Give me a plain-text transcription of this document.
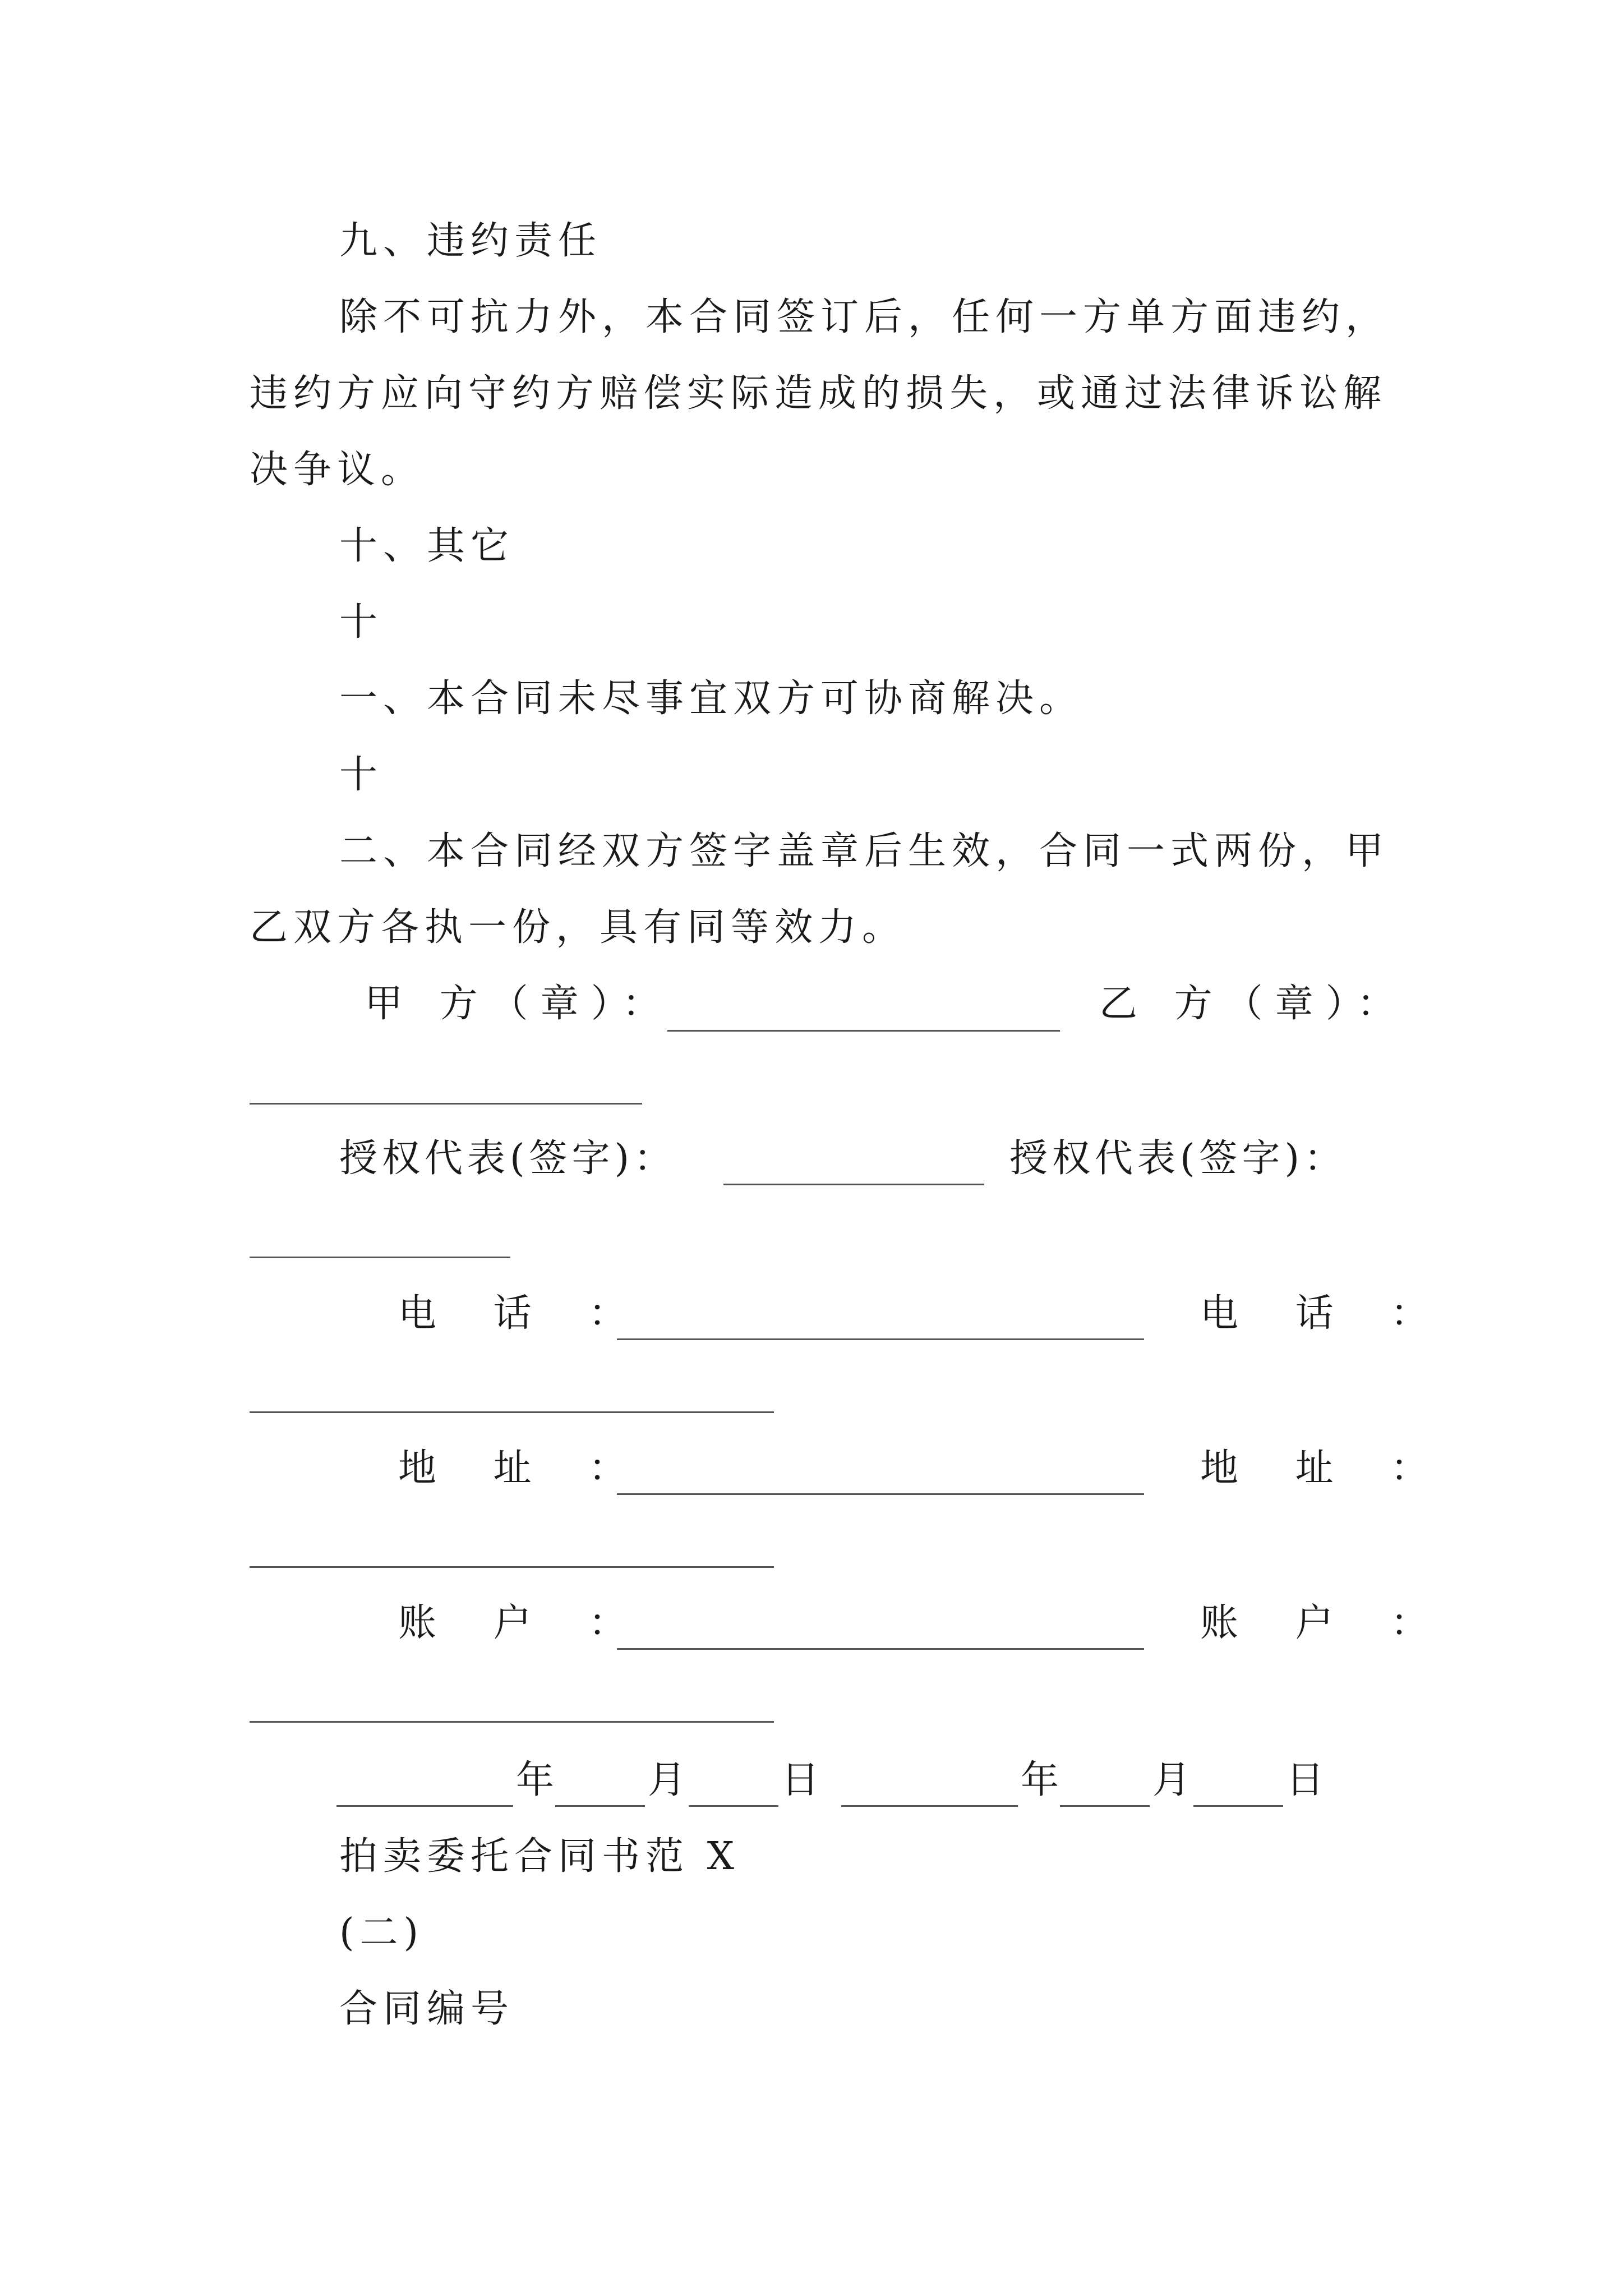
九、违约责任
除不可抗力外，本合同签订后，任何一方单方面违约，
违约方应向守约方赔偿实际造成的损失，或通过法律诉讼解
决争议。
十、其它
十
一、本合同未尽事宜双方可协商解决。
十
二、本合同经双方签字盖章后生效，合同一式两份，甲
乙双方各执一份，具有同等效力。
甲 方（章）：	乙 方（章）：
授权代表(签字)：	授权代表(签字)：
电 话 ：	电 话 ：
地 址 ：	地 址 ：
账 户 ：	账 户 ：
年 月 日	年 月 日
拍卖委托合同书范 X
(二)
合同编号
